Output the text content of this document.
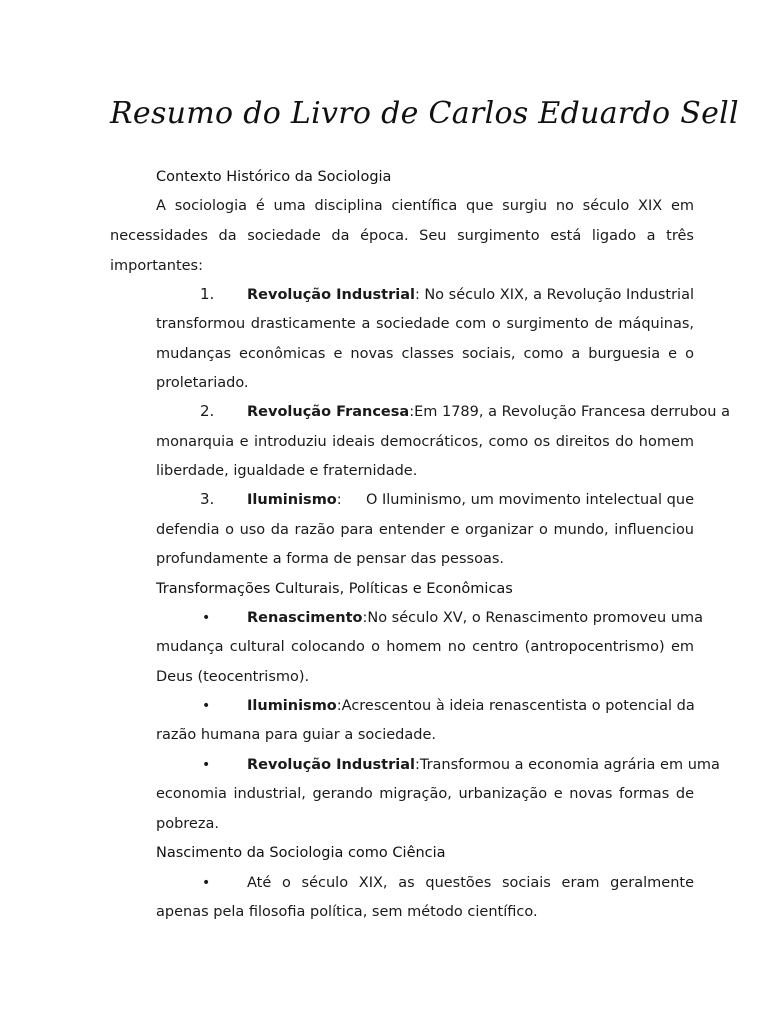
Resumo do Livro de Carlos Eduardo Sell
Contexto Histórico da Sociologia
A sociologia é uma disciplina científica que surgiu no século XIX em
necessidades da sociedade da época. Seu surgimento está ligado a três
importantes:
1. Revolução Industrial: No século XIX, a Revolução Industrial
transformou drasticamente a sociedade com o surgimento de máquinas,
mudanças econômicas e novas classes sociais, como a burguesia e o
proletariado.
2. Revolução Francesa: Em 1789, a Revolução Francesa derrubou a
monarquia e introduziu ideais democráticos, como os direitos do homem
liberdade, igualdade e fraternidade.
3. Iluminismo: O Iluminismo, um movimento intelectual que
defendia o uso da razão para entender e organizar o mundo, influenciou
profundamente a forma de pensar das pessoas.
Transformações Culturais, Políticas e Econômicas
•	Renascimento: No século XV, o Renascimento promoveu uma
mudança cultural colocando o homem no centro (antropocentrismo) em
Deus (teocentrismo).
•	Iluminismo: Acrescentou à ideia renascentista o potencial da
razão humana para guiar a sociedade.
•	Revolução Industrial: Transformou a economia agrária em uma
economia industrial, gerando migração, urbanização e novas formas de
pobreza.
Nascimento da Sociologia como Ciência
•	Até o século XIX, as questões sociais eram geralmente
apenas pela filosofia política, sem método científico.
